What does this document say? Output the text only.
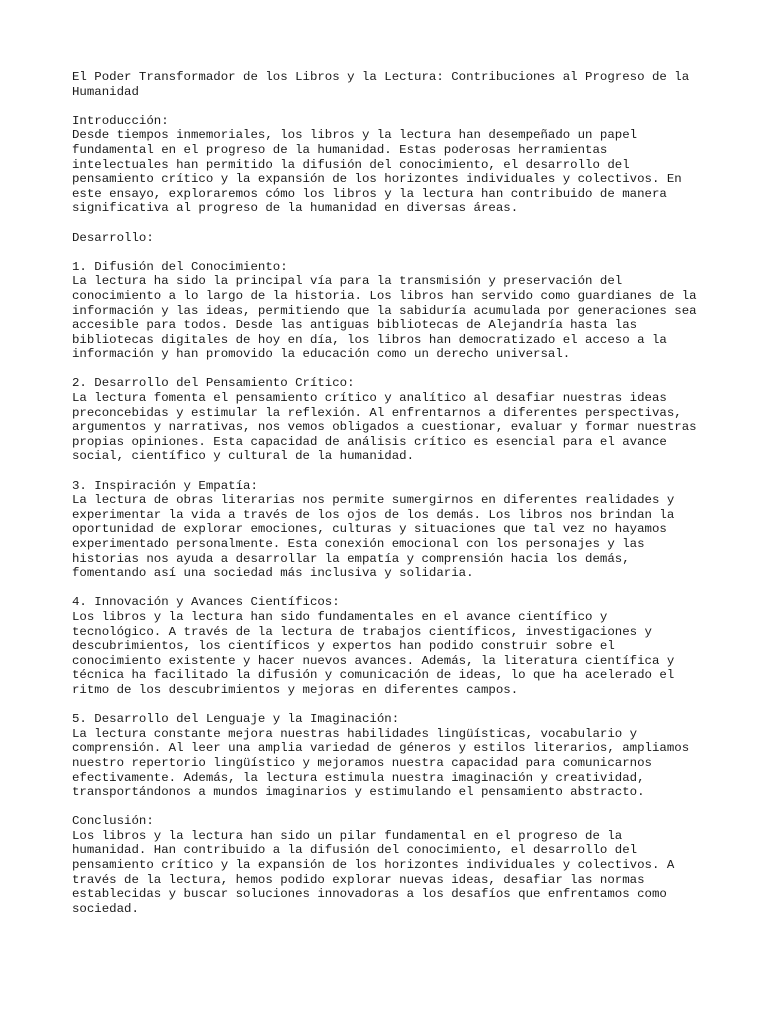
El Poder Transformador de los Libros y la Lectura: Contribuciones al Progreso de la Humanidad
Introducción:

Desde tiempos inmemoriales, los libros y la lectura han desempeñado un papel fundamental en el progreso de la humanidad. Estas poderosas herramientas intelectuales han permitido la difusión del conocimiento, el desarrollo del pensamiento crítico y la expansión de los horizontes individuales y colectivos. En este ensayo, exploraremos cómo los libros y la lectura han contribuido de manera significativa al progreso de la humanidad en diversas áreas.

Desarrollo:
1. Difusión del Conocimiento:

La lectura ha sido la principal vía para la transmisión y preservación del conocimiento a lo largo de la historia. Los libros han servido como guardianes de la información y las ideas, permitiendo que la sabiduría acumulada por generaciones sea accesible para todos. Desde las antiguas bibliotecas de Alejandría hasta las bibliotecas digitales de hoy en día, los libros han democratizado el acceso a la información y han promovido la educación como un derecho universal.

2. Desarrollo del Pensamiento Crítico:

La lectura fomenta el pensamiento crítico y analítico al desafiar nuestras ideas preconcebidas y estimular la reflexión. Al enfrentarnos a diferentes perspectivas, argumentos y narrativas, nos vemos obligados a cuestionar, evaluar y formar nuestras propias opiniones. Esta capacidad de análisis crítico es esencial para el avance social, científico y cultural de la humanidad.

3. Inspiración y Empatía:

La lectura de obras literarias nos permite sumergirnos en diferentes realidades y experimentar la vida a través de los ojos de los demás. Los libros nos brindan la oportunidad de explorar emociones, culturas y situaciones que tal vez no hayamos experimentado personalmente. Esta conexión emocional con los personajes y las historias nos ayuda a desarrollar la empatía y comprensión hacia los demás, fomentando así una sociedad más inclusiva y solidaria.

4. Innovación y Avances Científicos:

Los libros y la lectura han sido fundamentales en el avance científico y tecnológico. A través de la lectura de trabajos científicos, investigaciones y descubrimientos, los científicos y expertos han podido construir sobre el conocimiento existente y hacer nuevos avances. Además, la literatura científica y técnica ha facilitado la difusión y comunicación de ideas, lo que ha acelerado el ritmo de los descubrimientos y mejoras en diferentes campos.

5. Desarrollo del Lenguaje y la Imaginación:

La lectura constante mejora nuestras habilidades lingüísticas, vocabulario y comprensión. Al leer una amplia variedad de géneros y estilos literarios, ampliamos nuestro repertorio lingüístico y mejoramos nuestra capacidad para comunicarnos efectivamente. Además, la lectura estimula nuestra imaginación y creatividad, transportándonos a mundos imaginarios y estimulando el pensamiento abstracto.

Conclusión:

Los libros y la lectura han sido un pilar fundamental en el progreso de la humanidad. Han contribuido a la difusión del conocimiento, el desarrollo del pensamiento crítico y la expansión de los horizontes individuales y colectivos. A través de la lectura, hemos podido explorar nuevas ideas, desafiar las normas establecidas y buscar soluciones innovadoras a los desafíos que enfrentamos como sociedad.
